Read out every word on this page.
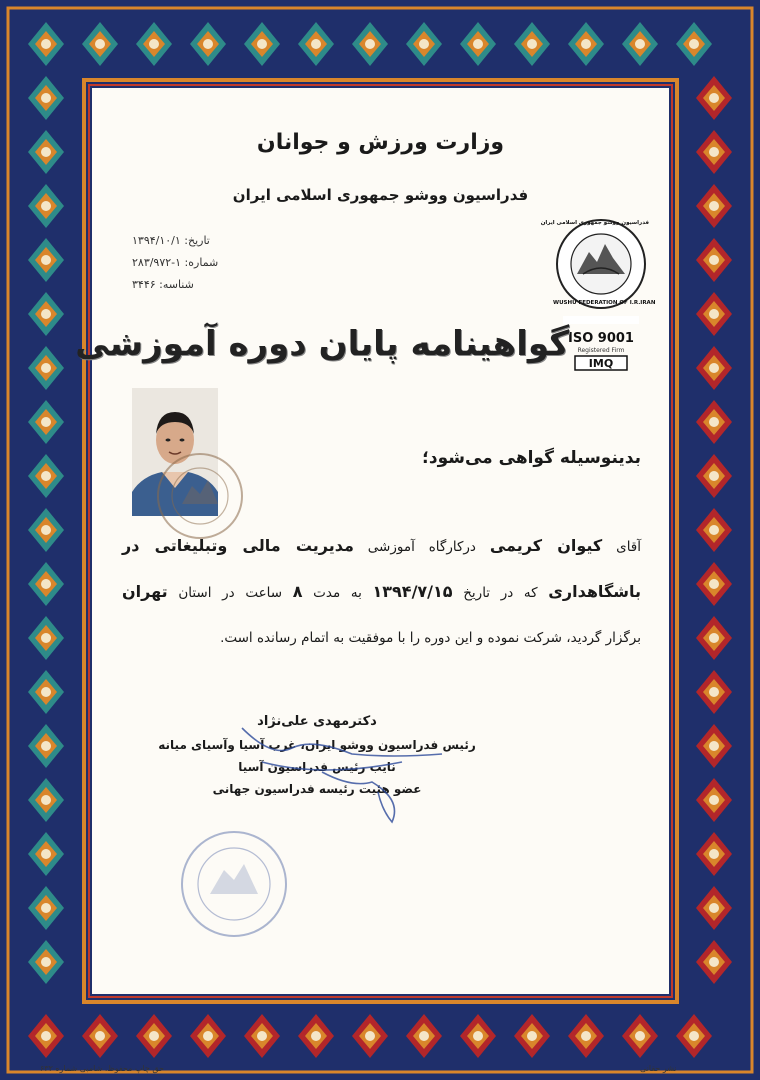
وزارت ورزش و جوانان
فدراسیون ووشو جمهوری اسلامی ایران
تاریخ: ۱۳۹۴/۱۰/۱
شماره: ۱-۲۸۳/۹۷۲
شناسه: ۳۴۴۶
ISO 9001
Registered Firm
IMQ
WUSHU FEDERATION OF I.R.IRAN
فدراسیون ووشو جمهوری اسلامی ایران
گواهینامه پایان دوره آموزشی
بدینوسیله گواهی می‌شود؛
آقای کیوان کریمی درکارگاه آموزشی مدیریت مالی وتبلیغاتی در
باشگاهداری که در تاریخ ۱۳۹۴/۷/۱۵ به مدت ۸ ساعت در استان تهران
برگزار گردید، شرکت نموده و این دوره را با موفقیت به اتمام رسانده است.
دکترمهدی علی‌نژاد
رئیس فدراسیون ووشو ایران، غرب آسیا وآسیای میانه
نایب رئیس فدراسیون آسیا
عضو هئیت رئیسه فدراسیون جهانی
حق چاپ محفوظ. شامبی شماره ۶۳۲	نشر حقانی
